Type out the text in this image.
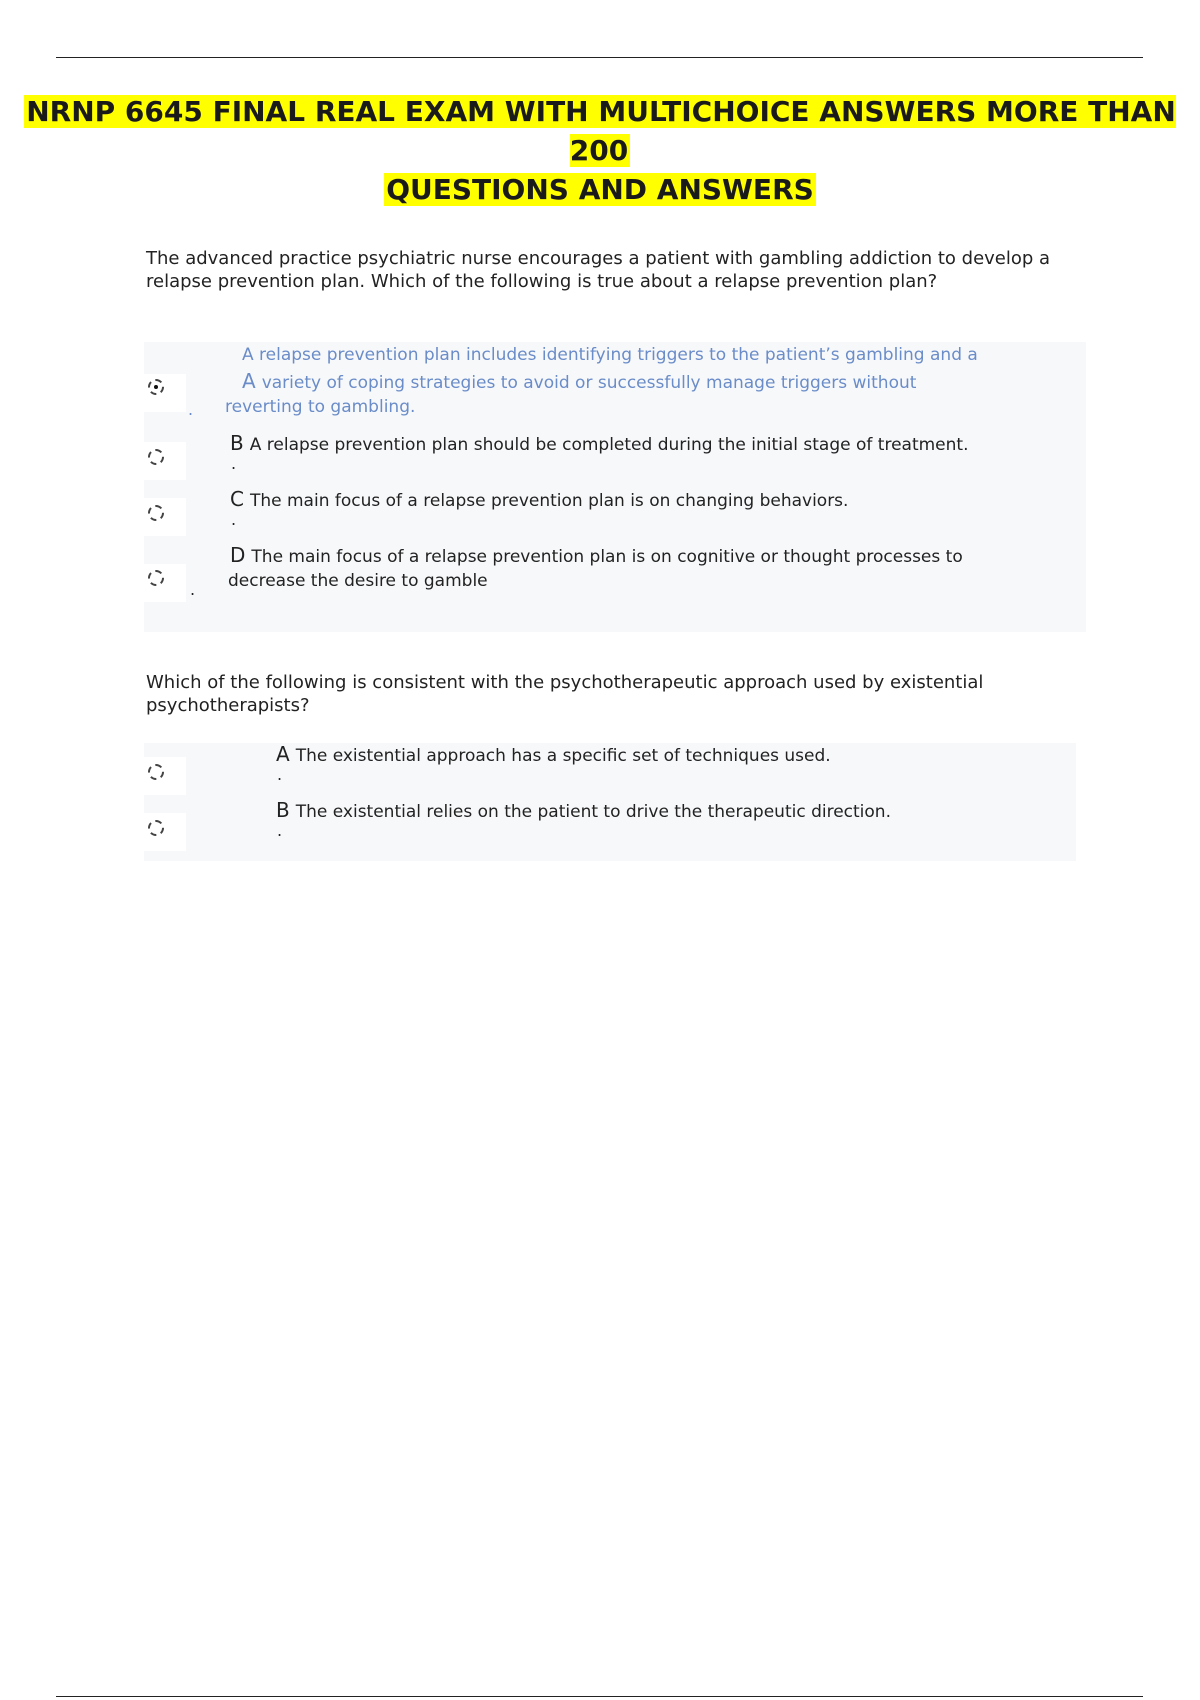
NRNP 6645 FINAL REAL EXAM WITH MULTICHOICE ANSWERS MORE THAN 200
QUESTIONS AND ANSWERS

The advanced practice psychiatric nurse encourages a patient with gambling addiction to develop a relapse prevention plan. Which of the following is true about a relapse prevention plan?

.
A relapse prevention plan includes identifying triggers to the patient’s gambling and a
A variety of coping strategies to avoid or successfully manage triggers without
reverting to gambling.
B A relapse prevention plan should be completed during the initial stage of treatment.
.
C The main focus of a relapse prevention plan is on changing behaviors.
.
D The main focus of a relapse prevention plan is on cognitive or thought processes to
decrease the desire to gamble
.

Which of the following is consistent with the psychotherapeutic approach used by existential psychotherapists?

A The existential approach has a specific set of techniques used.
.
B The existential relies on the patient to drive the therapeutic direction.
.
